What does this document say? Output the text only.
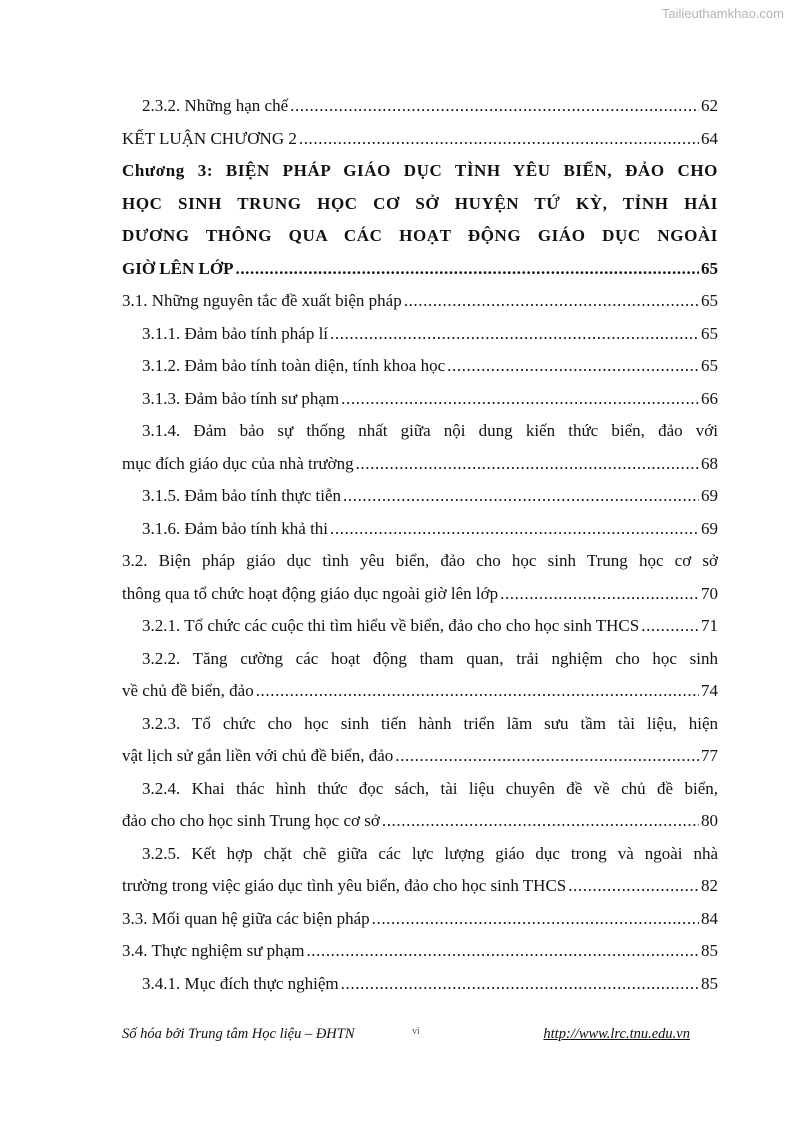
Tailieuthamkhao.com
2.3.2. Những hạn chế .....	62
KẾT LUẬN CHƯƠNG 2 .....	64
Chương 3: BIỆN PHÁP GIÁO DỤC TÌNH YÊU BIỂN, ĐẢO CHO
HỌC SINH TRUNG HỌC CƠ SỞ HUYỆN TỨ KỲ, TỈNH HẢI
DƯƠNG THÔNG QUA CÁC HOẠT ĐỘNG GIÁO DỤC NGOÀI
GIỜ LÊN LỚP .....	65
3.1. Những nguyên tắc đề xuất biện pháp .....	65
3.1.1. Đảm bảo tính pháp lí .....	65
3.1.2. Đảm bảo tính toàn diện, tính khoa học .....	65
3.1.3. Đảm bảo tính sư phạm .....	66
3.1.4. Đảm bảo sự thống nhất giữa nội dung kiến thức biển, đảo với
mục đích giáo dục của nhà trường .....	68
3.1.5. Đảm bảo tính thực tiễn .....	69
3.1.6. Đảm bảo tính khả thi .....	69
3.2. Biện pháp giáo dục tình yêu biển, đảo cho học sinh Trung học cơ sở
thông qua tổ chức hoạt động giáo dục ngoài giờ lên lớp .....	70
3.2.1. Tổ chức các cuộc thi tìm hiểu về biển, đảo cho cho học sinh THCS .....	71
3.2.2. Tăng cường các hoạt động tham quan, trải nghiệm cho học sinh
về chủ đề biển, đảo .....	74
3.2.3. Tổ chức cho học sinh tiến hành triển lãm sưu tầm tài liệu, hiện
vật lịch sử gắn liền với chủ đề biển, đảo .....	77
3.2.4. Khai thác hình thức đọc sách, tài liệu chuyên đề về chủ đề biển,
đảo cho cho học sinh Trung học cơ sở .....	80
3.2.5. Kết hợp chặt chẽ giữa các lực lượng giáo dục trong và ngoài nhà
trường trong việc giáo dục tình yêu biển, đảo cho học sinh THCS .....	82
3.3. Mối quan hệ giữa các biện pháp .....	84
3.4. Thực nghiệm sư phạm .....	85
3.4.1. Mục đích thực nghiệm .....	85
Số hóa bởi Trung tâm Học liệu – ĐHTN	vi	http://www.lrc.tnu.edu.vn
